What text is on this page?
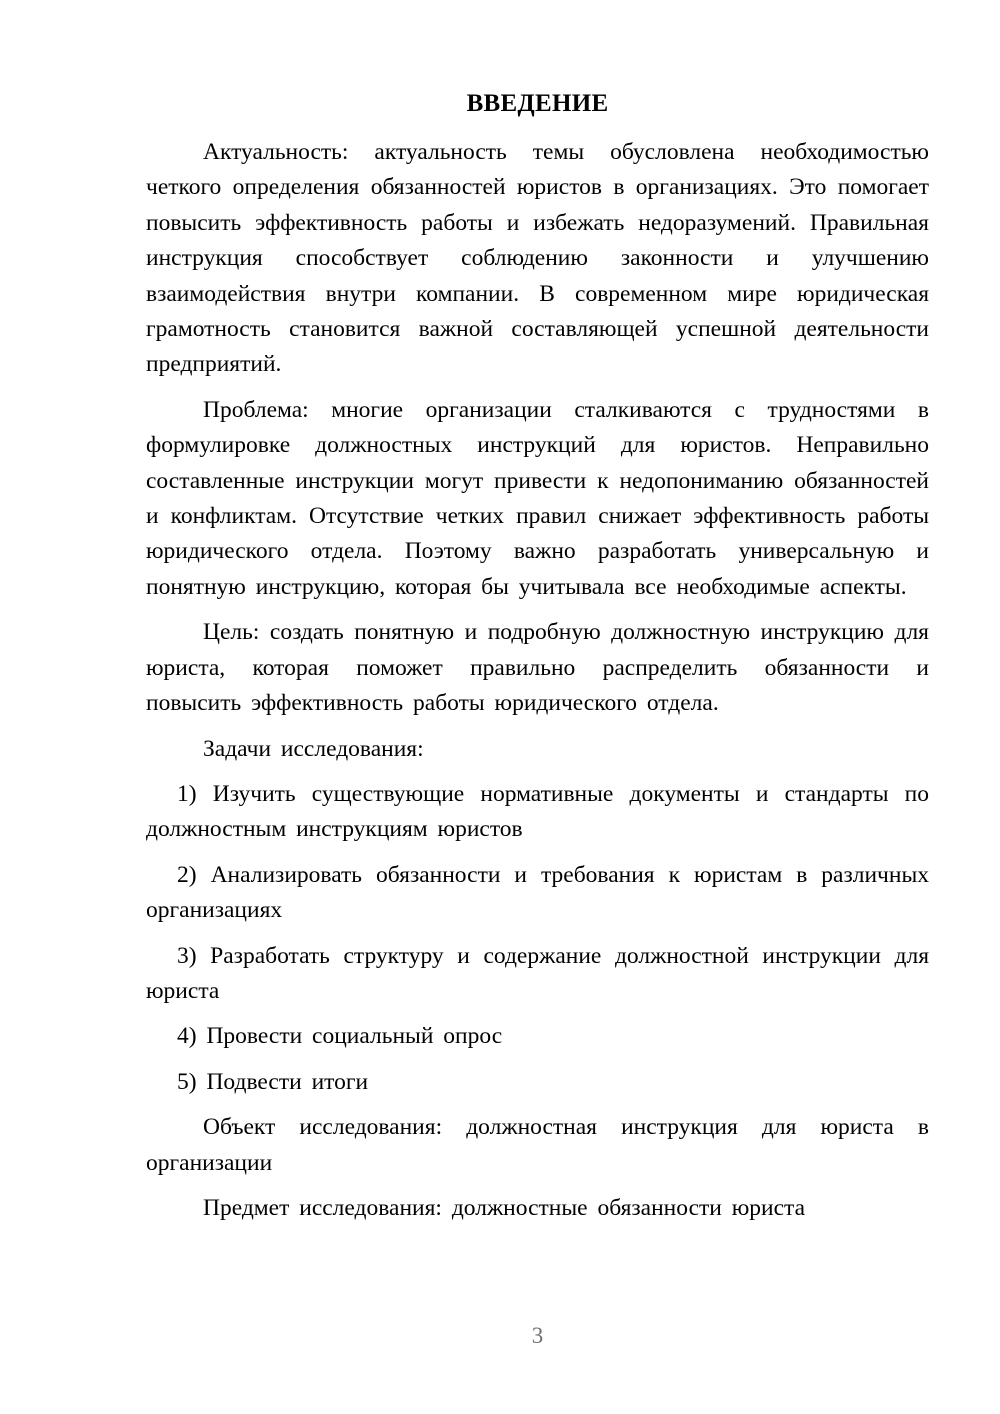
ВВЕДЕНИЕ

Актуальность: актуальность темы обусловлена необходимостью четкого определения обязанностей юристов в организациях. Это помогает повысить эффективность работы и избежать недоразумений. Правильная инструкция способствует соблюдению законности и улучшению взаимодействия внутри компании. В современном мире юридическая грамотность становится важной составляющей успешной деятельности предприятий.

Проблема: многие организации сталкиваются с трудностями в формулировке должностных инструкций для юристов. Неправильно составленные инструкции могут привести к недопониманию обязанностей и конфликтам. Отсутствие четких правил снижает эффективность работы юридического отдела. Поэтому важно разработать универсальную и понятную инструкцию, которая бы учитывала все необходимые аспекты.

Цель: создать понятную и подробную должностную инструкцию для юриста, которая поможет правильно распределить обязанности и повысить эффективность работы юридического отдела.

Задачи исследования:

1) Изучить существующие нормативные документы и стандарты по должностным инструкциям юристов

2) Анализировать обязанности и требования к юристам в различных организациях

3) Разработать структуру и содержание должностной инструкции для юриста

4) Провести социальный опрос

5) Подвести итоги

Объект исследования: должностная инструкция для юриста в организации

Предмет исследования: должностные обязанности юриста

3
